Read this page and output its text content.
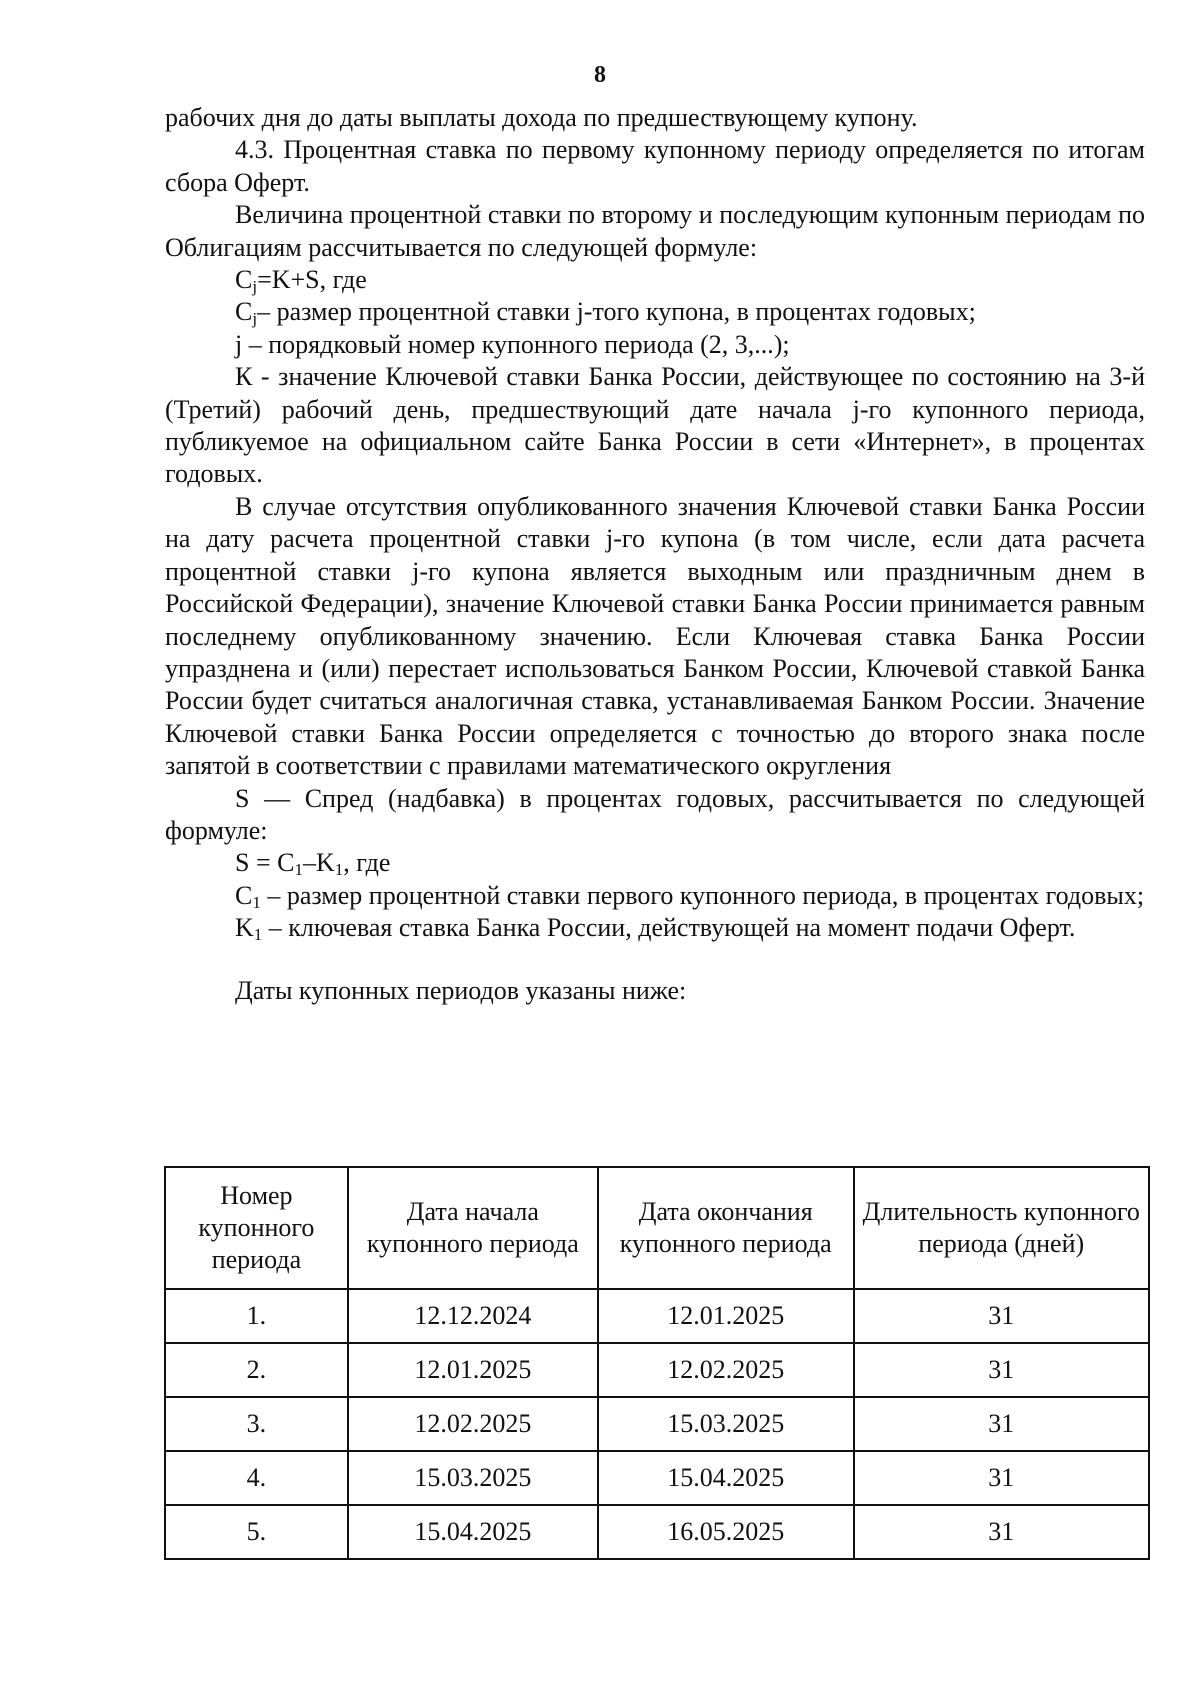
8

рабочих дня до даты выплаты дохода по предшествующему купону.

4.3. Процентная ставка по первому купонному периоду определяется по итогам сбора Оферт.

Величина процентной ставки по второму и последующим купонным периодам по Облигациям рассчитывается по следующей формуле:

$C_j=K+S$, где

$C_j-$ размер процентной ставки j-того купона, в процентах годовых;

j – порядковый номер купонного периода (2, 3,...);

К - значение Ключевой ставки Банка России, действующее по состоянию на 3-й (Третий) рабочий день, предшествующий дате начала j-го купонного периода, публикуемое на официальном сайте Банка России в сети «Интернет», в процентах годовых.

В случае отсутствия опубликованного значения Ключевой ставки Банка России на дату расчета процентной ставки j-го купона (в том числе, если дата расчета процентной ставки j-го купона является выходным или праздничным днем в Российской Федерации), значение Ключевой ставки Банка России принимается равным последнему опубликованному значению. Если Ключевая ставка Банка России упразднена и (или) перестает использоваться Банком России, Ключевой ставкой Банка России будет считаться аналогичная ставка, устанавливаемая Банком России. Значение Ключевой ставки Банка России определяется с точностью до второго знака после запятой в соответствии с правилами математического округления

S — Спред (надбавка) в процентах годовых, рассчитывается по следующей формуле:

$S = C_1-K_1$, где

$C_1$ – размер процентной ставки первого купонного периода, в процентах годовых;

$K_1$ – ключевая ставка Банка России, действующей на момент подачи Оферт.

Даты купонных периодов указаны ниже:

Номер купонного периода	Дата начала купонного периода	Дата окончания купонного периода	Длительность купонного периода (дней)
1.	12.12.2024	12.01.2025	31
2.	12.01.2025	12.02.2025	31
3.	12.02.2025	15.03.2025	31
4.	15.03.2025	15.04.2025	31
5.	15.04.2025	16.05.2025	31
